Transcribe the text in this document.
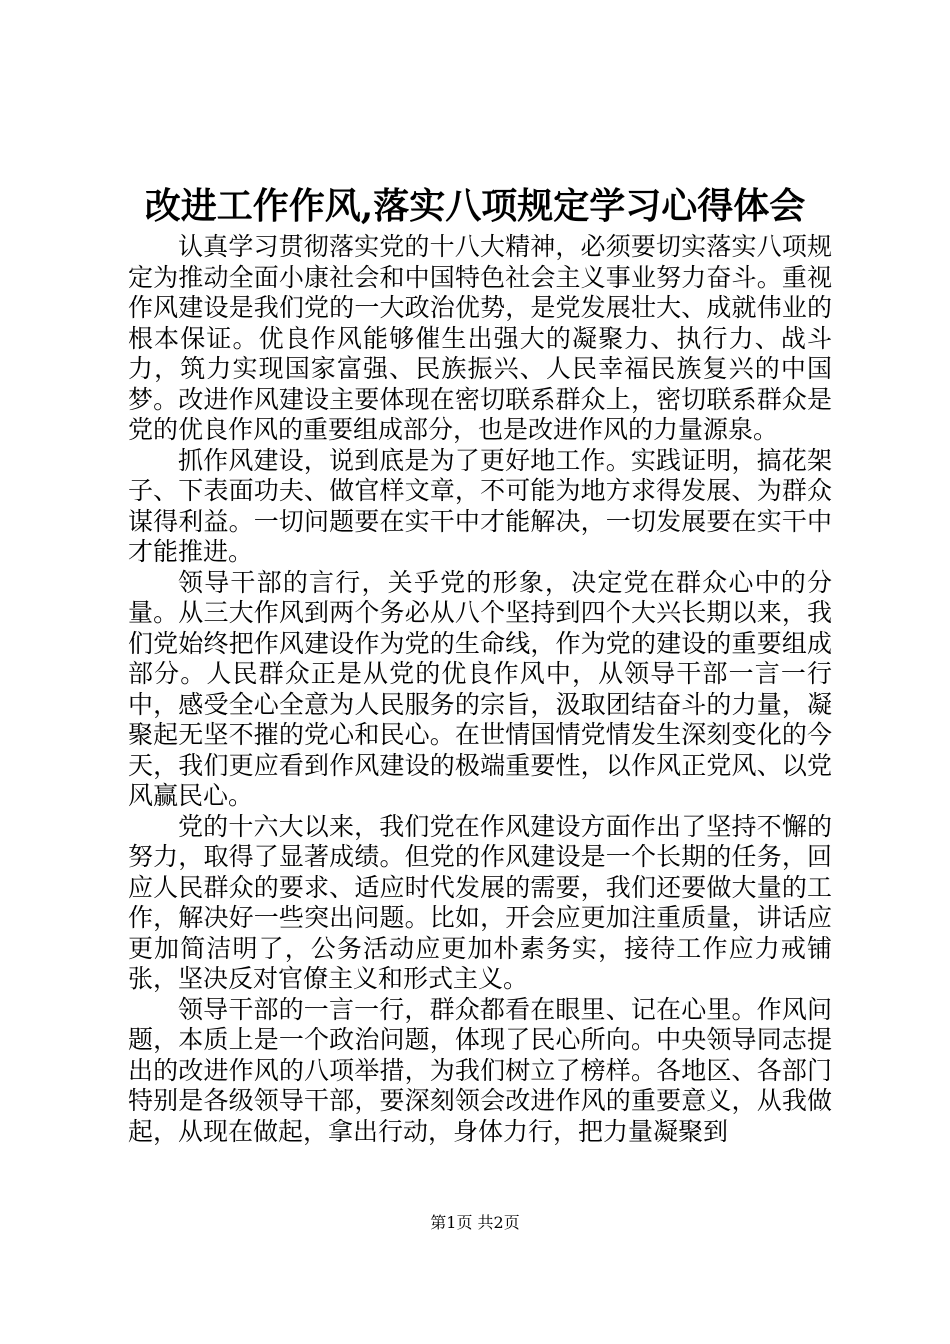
改进工作作风,落实八项规定学习心得体会

认真学习贯彻落实党的十八大精神，必须要切实落实八项规定为推动全面小康社会和中国特色社会主义事业努力奋斗。重视作风建设是我们党的一大政治优势，是党发展壮大、成就伟业的根本保证。优良作风能够催生出强大的凝聚力、执行力、战斗力，筑力实现国家富强、民族振兴、人民幸福民族复兴的中国梦。改进作风建设主要体现在密切联系群众上，密切联系群众是党的优良作风的重要组成部分，也是改进作风的力量源泉。

抓作风建设，说到底是为了更好地工作。实践证明，搞花架子、下表面功夫、做官样文章，不可能为地方求得发展、为群众谋得利益。一切问题要在实干中才能解决，一切发展要在实干中才能推进。

领导干部的言行，关乎党的形象，决定党在群众心中的分量。从三大作风到两个务必从八个坚持到四个大兴长期以来，我们党始终把作风建设作为党的生命线，作为党的建设的重要组成部分。人民群众正是从党的优良作风中，从领导干部一言一行中，感受全心全意为人民服务的宗旨，汲取团结奋斗的力量，凝聚起无坚不摧的党心和民心。在世情国情党情发生深刻变化的今天，我们更应看到作风建设的极端重要性，以作风正党风、以党风赢民心。

党的十六大以来，我们党在作风建设方面作出了坚持不懈的努力，取得了显著成绩。但党的作风建设是一个长期的任务，回应人民群众的要求、适应时代发展的需要，我们还要做大量的工作，解决好一些突出问题。比如，开会应更加注重质量，讲话应更加简洁明了，公务活动应更加朴素务实，接待工作应力戒铺张，坚决反对官僚主义和形式主义。

领导干部的一言一行，群众都看在眼里、记在心里。作风问题，本质上是一个政治问题，体现了民心所向。中央领导同志提出的改进作风的八项举措，为我们树立了榜样。各地区、各部门特别是各级领导干部，要深刻领会改进作风的重要意义，从我做起，从现在做起，拿出行动，身体力行，把力量凝聚到

第1页 共2页
